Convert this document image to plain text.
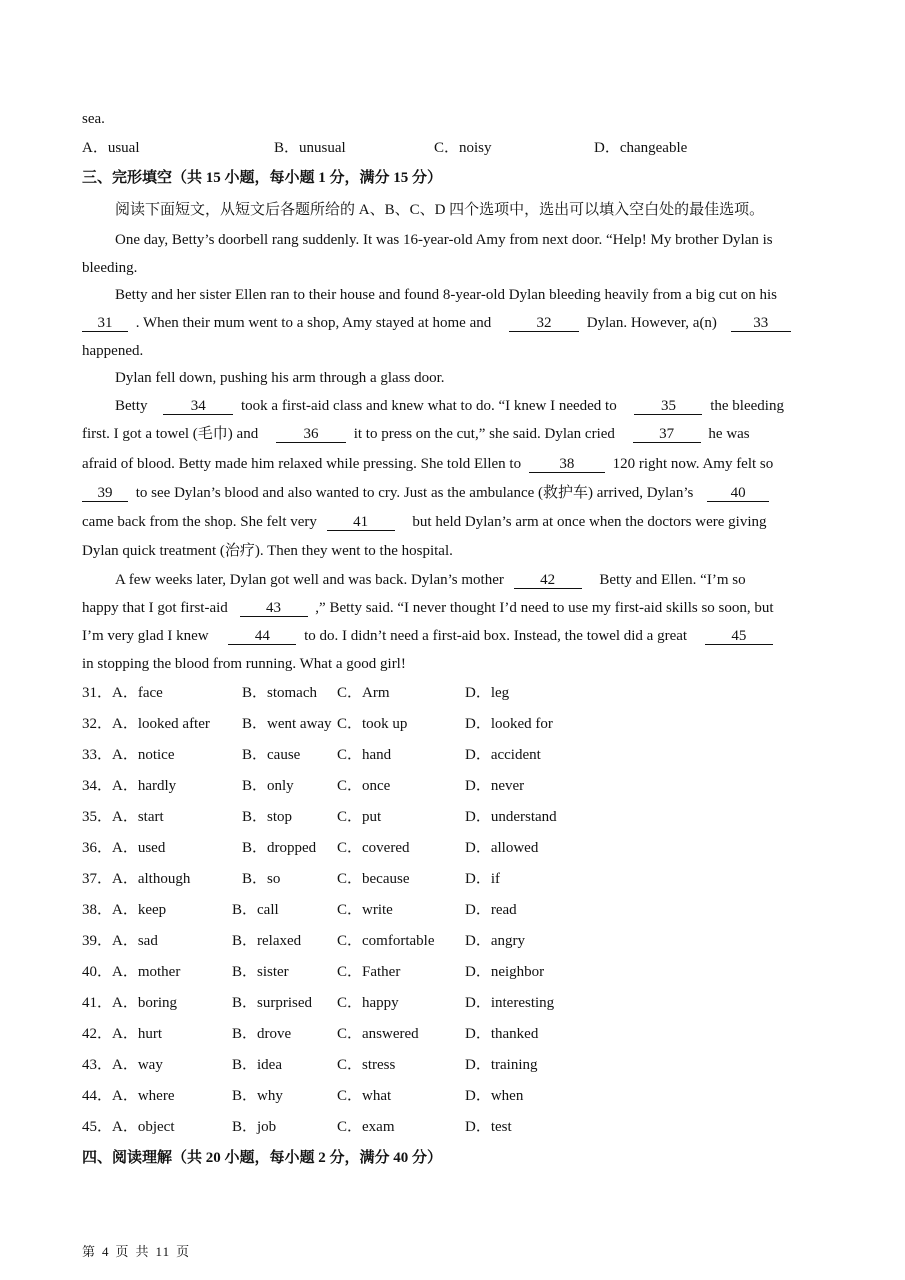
sea.
A．usual	B．unusual	C．noisy	D．changeable
三、完形填空（共 15 小题，每小题 1 分，满分 15 分）
阅读下面短文，从短文后各题所给的 A、B、C、D 四个选项中，选出可以填入空白处的最佳选项。
One day, Betty’s doorbell rang suddenly. It was 16-year-old Amy from next door. “Help! My brother Dylan is
bleeding.
Betty and her sister Ellen ran to their house and found 8-year-old Dylan bleeding heavily from a big cut on his
31 . When their mum went to a shop, Amy stayed at home and	32 Dylan. However, a(n) 33
happened.
Dylan fell down, pushing his arm through a glass door.
Betty	34 took a first-aid class and knew what to do. “I knew I needed to	35 the bleeding
first. I got a towel (毛巾) and	36 it to press on the cut,” she said. Dylan cried	37 he was
afraid of blood. Betty made him relaxed while pressing. She told Ellen to	38	120 right now. Amy felt so
39 to see Dylan’s blood and also wanted to cry. Just as the ambulance (救护车) arrived, Dylan’s 40
came back from the shop. She felt very 41	but held Dylan’s arm at once when the doctors were giving
Dylan quick treatment (治疗). Then they went to the hospital.
A few weeks later, Dylan got well and was back. Dylan’s mother 42	Betty and Ellen. “I’m so
happy that I got first-aid	43 ,” Betty said. “I never thought I’d need to use my first-aid skills so soon, but
I’m very glad I knew	44 to do. I didn’t need a first-aid box. Instead, the towel did a great	45
in stopping the blood from running. What a good girl!
31． A．face	B．stomach C．Arm	D．leg
32． A．looked after B．went away C．took up	D．looked for
33． A．notice	B．cause C．hand	D．accident
34． A．hardly	B．only	C．once	D．never
35． A．start	B．stop	C．put	D．understand
36． A．used	B．dropped C．covered	D．allowed
37． A．although	B．so	C．because	D．if
38． A．keep	B．call	C．write	D．read
39． A．sad	B．relaxed C．comfortable D．angry
40． A．mother	B．sister	C．Father	D．neighbor
41． A．boring	B．surprised C．happy	D．interesting
42． A．hurt	B．drove	C．answered	D．thanked
43． A．way	B．idea	C．stress	D．training
44． A．where	B．why	C．what	D．when
45． A．object	B．job	C．exam	D．test
四、阅读理解（共 20 小题，每小题 2 分，满分 40 分）
第 4 页 共 11 页
